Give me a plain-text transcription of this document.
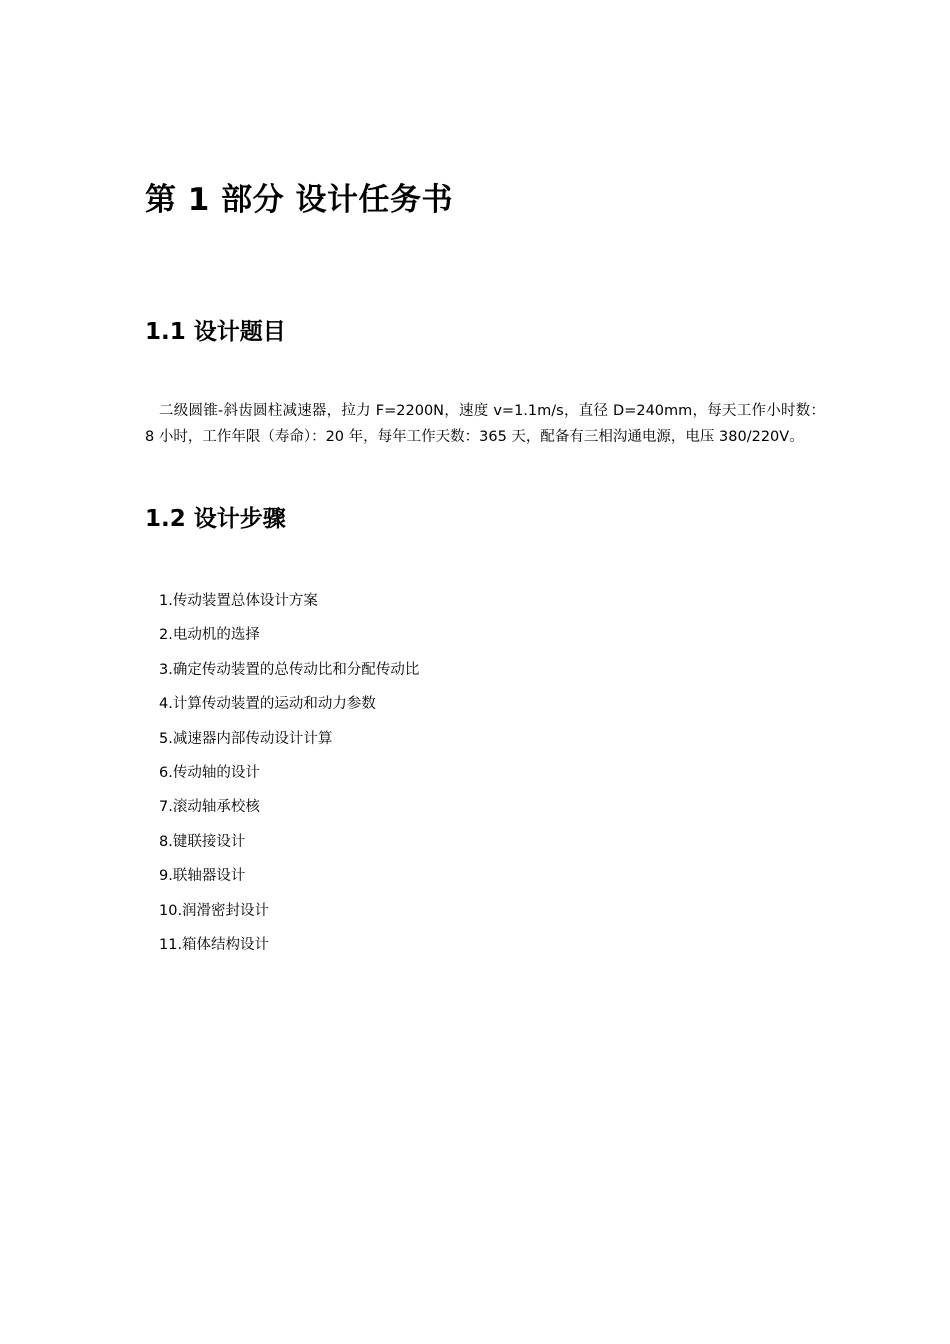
第 1 部分 设计任务书
1.1 设计题目

二级圆锥-斜齿圆柱减速器，拉力 F=2200N，速度 v=1.1m/s，直径 D=240mm，每天工作小时数：8 小时，工作年限（寿命）：20 年，每年工作天数：365 天，配备有三相沟通电源，电压 380/220V。

1.2 设计步骤
1.传动装置总体设计方案
2.电动机的选择
3.确定传动装置的总传动比和分配传动比
4.计算传动装置的运动和动力参数
5.减速器内部传动设计计算
6.传动轴的设计
7.滚动轴承校核
8.键联接设计
9.联轴器设计
10.润滑密封设计
11.箱体结构设计
